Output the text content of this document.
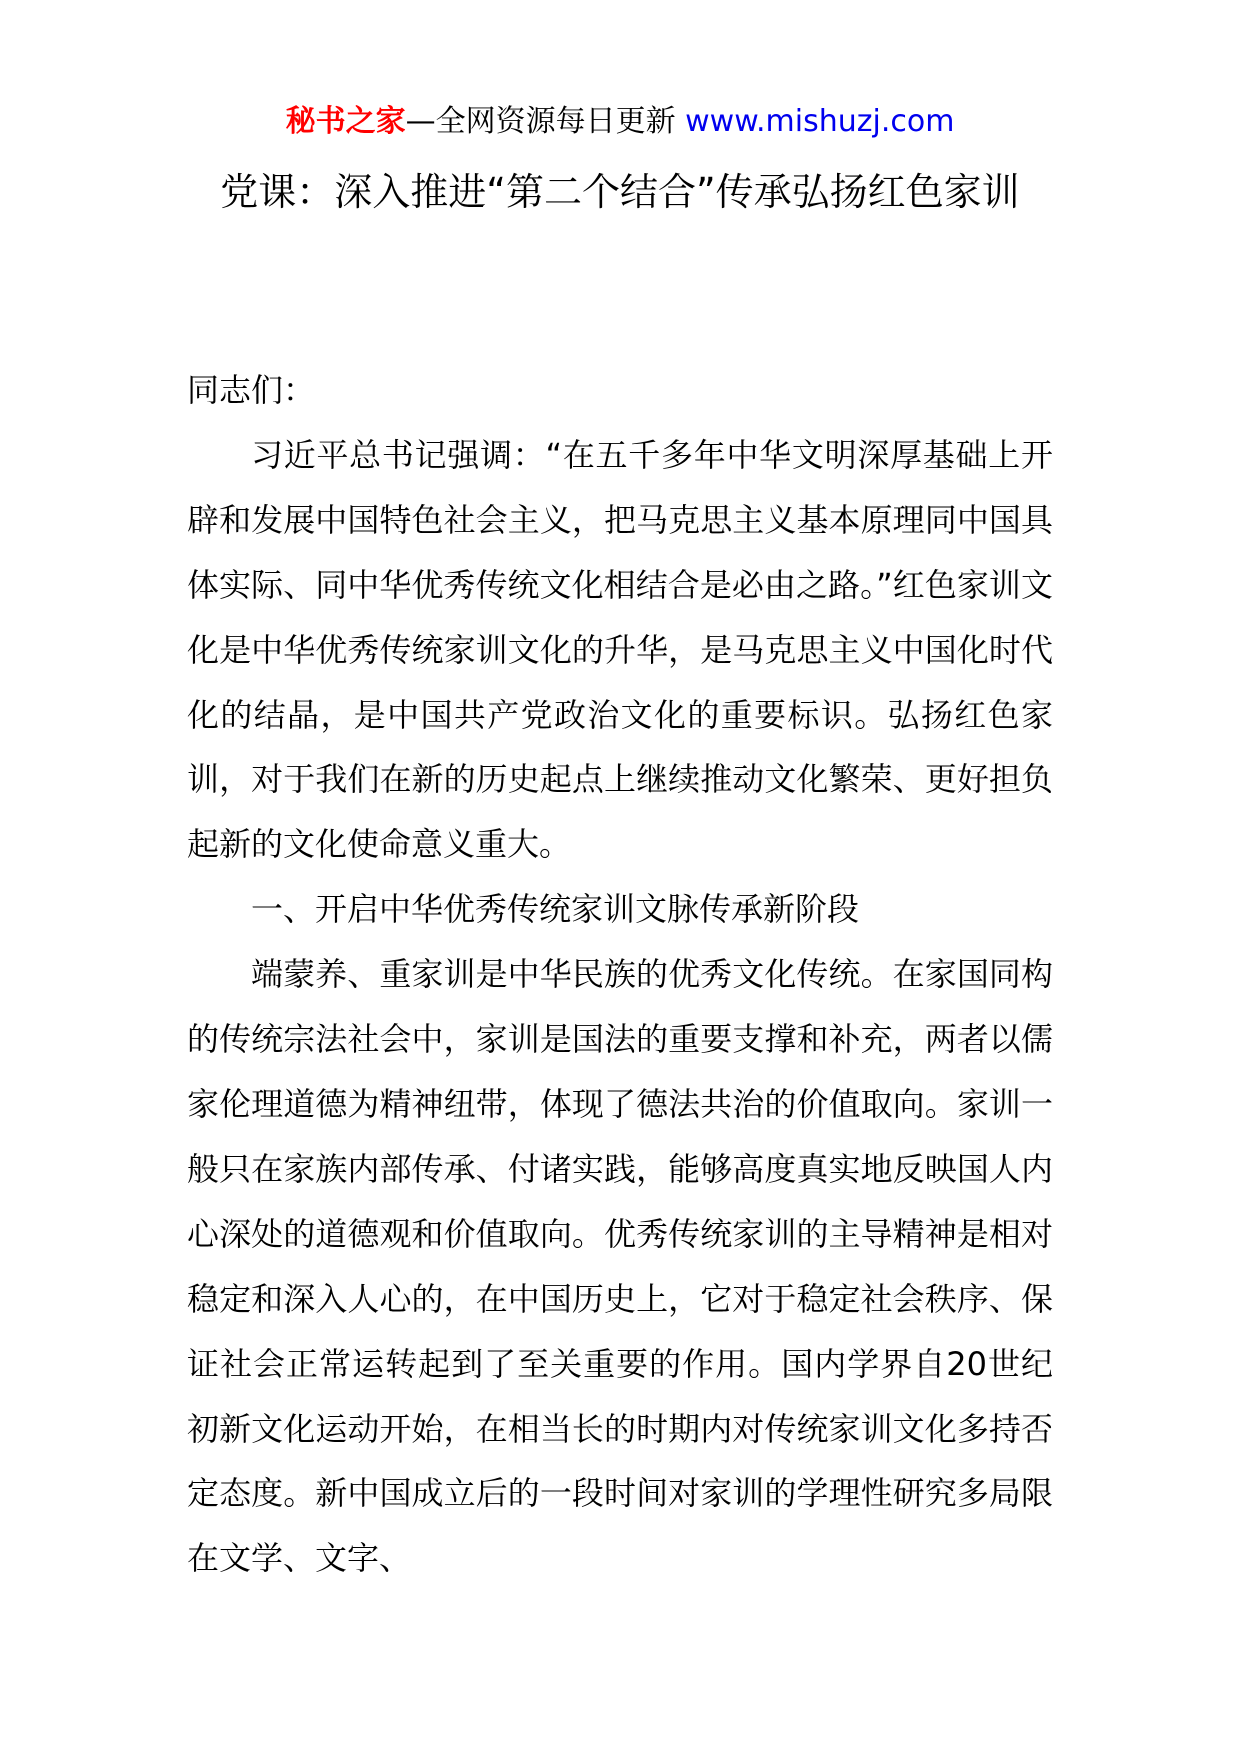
秘书之家—全网资源每日更新 www.mishuzj.com
党课：深入推进“第二个结合”传承弘扬红色家训

同志们：

习近平总书记强调：“在五千多年中华文明深厚基础上开辟和发展中国特色社会主义，把马克思主义基本原理同中国具体实际、同中华优秀传统文化相结合是必由之路。”红色家训文化是中华优秀传统家训文化的升华，是马克思主义中国化时代化的结晶，是中国共产党政治文化的重要标识。弘扬红色家训，对于我们在新的历史起点上继续推动文化繁荣、更好担负起新的文化使命意义重大。

一、开启中华优秀传统家训文脉传承新阶段

端蒙养、重家训是中华民族的优秀文化传统。在家国同构的传统宗法社会中，家训是国法的重要支撑和补充，两者以儒家伦理道德为精神纽带，体现了德法共治的价值取向。家训一般只在家族内部传承、付诸实践，能够高度真实地反映国人内心深处的道德观和价值取向。优秀传统家训的主导精神是相对稳定和深入人心的，在中国历史上，它对于稳定社会秩序、保证社会正常运转起到了至关重要的作用。国内学界自20世纪初新文化运动开始，在相当长的时期内对传统家训文化多持否定态度。新中国成立后的一段时间对家训的学理性研究多局限在文学、文字、
